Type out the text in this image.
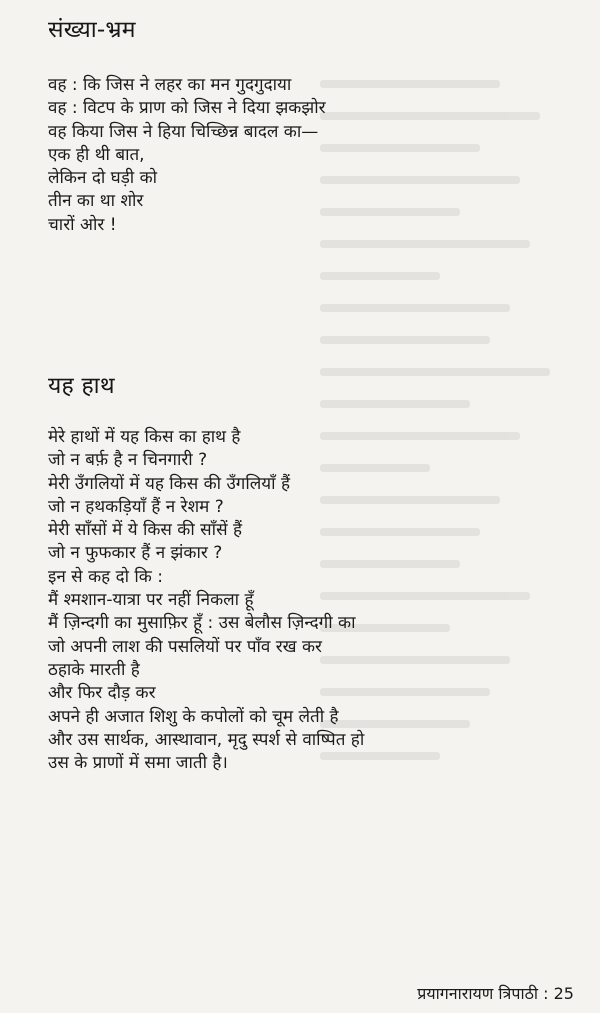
संख्या-भ्रम
वह : कि जिस ने लहर का मन गुदगुदाया
वह : विटप के प्राण को जिस ने दिया झकझोर
वह किया जिस ने हिया चिच्छिन्न बादल का—
एक ही थी बात,
लेकिन दो घड़ी को
तीन का था शोर
चारों ओर !
यह हाथ
मेरे हाथों में यह किस का हाथ है
जो न बर्फ़ है न चिनगारी ?
मेरी उँगलियों में यह किस की उँगलियाँ हैं
जो न हथकड़ियाँ हैं न रेशम ?
मेरी साँसों में ये किस की साँसें हैं
जो न फुफकार हैं न झंकार ?
इन से कह दो कि :
मैं श्मशान-यात्रा पर नहीं निकला हूँ
मैं ज़िन्दगी का मुसाफ़िर हूँ : उस बेलौस ज़िन्दगी का
जो अपनी लाश की पसलियों पर पाँव रख कर
ठहाके मारती है
और फिर दौड़ कर
अपने ही अजात शिशु के कपोलों को चूम लेती है
और उस सार्थक, आस्थावान, मृदु स्पर्श से वाष्पित हो
उस के प्राणों में समा जाती है।
प्रयागनारायण त्रिपाठी : 25
